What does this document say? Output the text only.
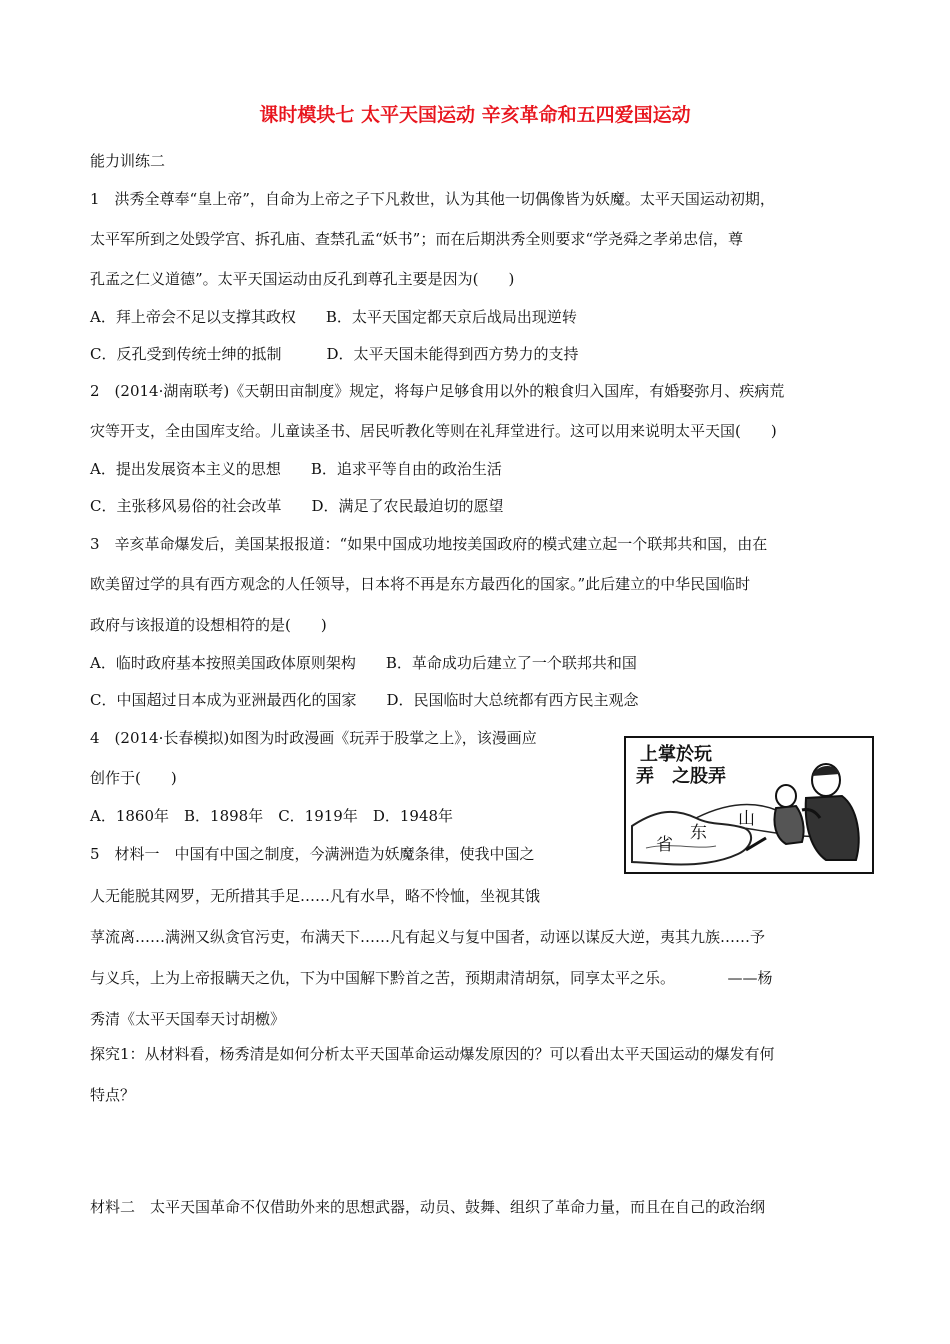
课时模块七 太平天国运动 辛亥革命和五四爱国运动
能力训练二
1　洪秀全尊奉“皇上帝”，自命为上帝之子下凡救世，认为其他一切偶像皆为妖魔。太平天国运动初期，
太平军所到之处毁学宫、拆孔庙、查禁孔孟“妖书”；而在后期洪秀全则要求“学尧舜之孝弟忠信，尊
孔孟之仁义道德”。太平天国运动由反孔到尊孔主要是因为(　　)
A．拜上帝会不足以支撑其政权　　B．太平天国定都天京后战局出现逆转
C．反孔受到传统士绅的抵制　　　D．太平天国未能得到西方势力的支持
2　(2014·湖南联考)《天朝田亩制度》规定，将每户足够食用以外的粮食归入国库，有婚娶弥月、疾病荒
灾等开支，全由国库支给。儿童读圣书、居民听教化等则在礼拜堂进行。这可以用来说明太平天国(　　)
A．提出发展资本主义的思想　　B．追求平等自由的政治生活
C．主张移风易俗的社会改革　　D．满足了农民最迫切的愿望
3　辛亥革命爆发后，美国某报报道：“如果中国成功地按美国政府的模式建立起一个联邦共和国，由在
欧美留过学的具有西方观念的人任领导，日本将不再是东方最西化的国家。”此后建立的中华民国临时
政府与该报道的设想相符的是(　　)
A．临时政府基本按照美国政体原则架构　　B．革命成功后建立了一个联邦共和国
C．中国超过日本成为亚洲最西化的国家　　D．民国临时大总统都有西方民主观念
4　(2014·长春模拟)如图为时政漫画《玩弄于股掌之上》，该漫画应
创作于(　　)
A．1860年　B．1898年　C．1919年　D．1948年
5　材料一　中国有中国之制度，今满洲造为妖魔条律，使我中国之
人无能脱其网罗，无所措其手足……凡有水旱，略不怜恤，坐视其饿
莩流离……满洲又纵贪官污吏，布满天下……凡有起义与复中国者，动诬以谋反大逆，夷其九族……予
与义兵，上为上帝报瞒天之仇，下为中国解下黔首之苦，预期肃清胡氛，同享太平之乐。　　　　——杨
秀清《太平天国奉天讨胡檄》
探究1：从材料看，杨秀清是如何分析太平天国革命运动爆发原因的？可以看出太平天国运动的爆发有何
特点？
材料二　太平天国革命不仅借助外来的思想武器，动员、鼓舞、组织了革命力量，而且在自己的政治纲
上掌於玩
弄　之股弄
山
东
省
